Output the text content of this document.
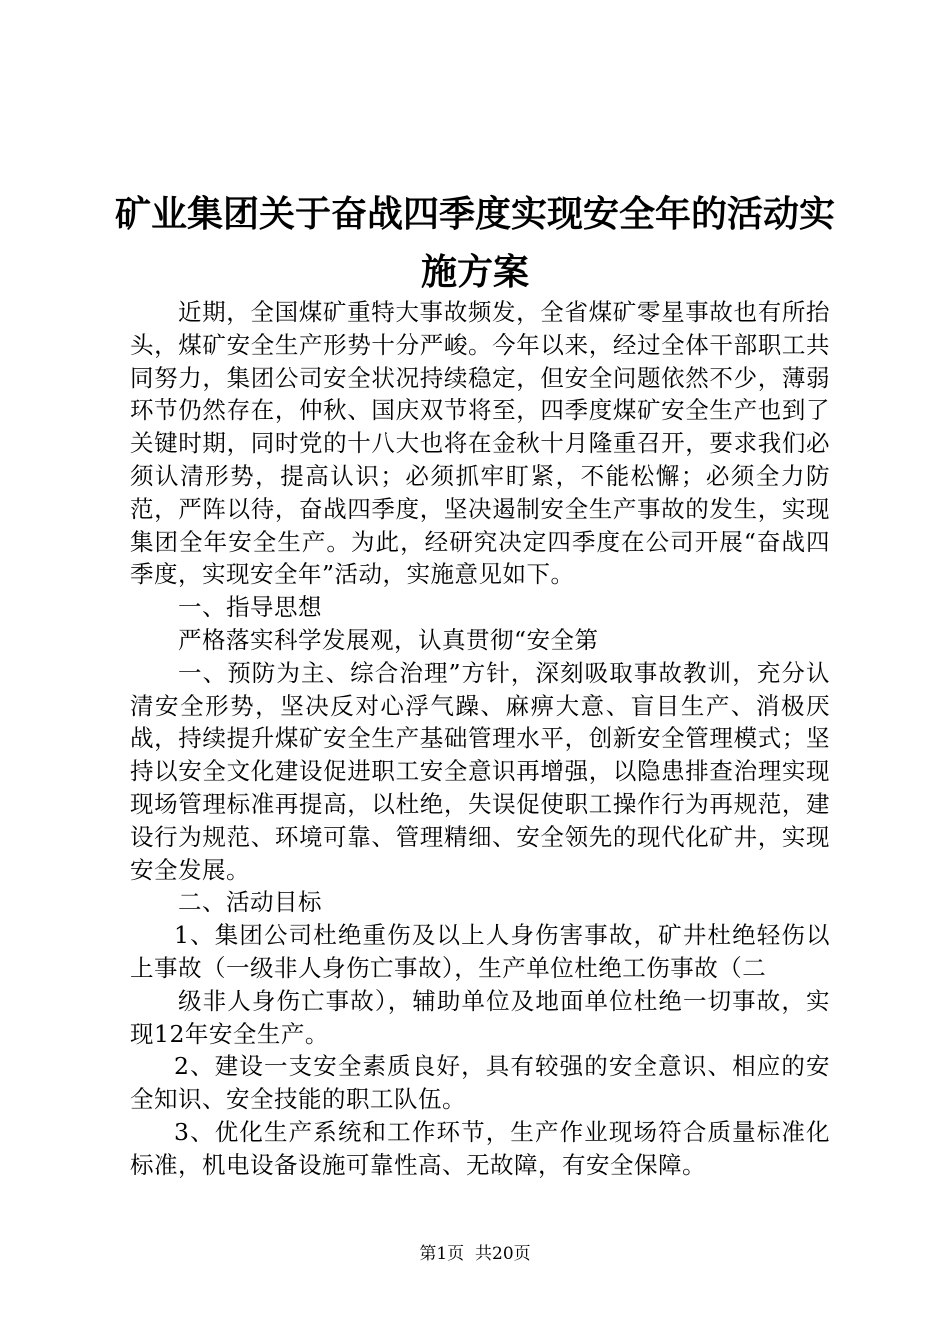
矿业集团关于奋战四季度实现安全年的活动实
施方案

近期，全国煤矿重特大事故频发，全省煤矿零星事故也有所抬头，煤矿安全生产形势十分严峻。今年以来，经过全体干部职工共同努力，集团公司安全状况持续稳定，但安全问题依然不少，薄弱环节仍然存在，仲秋、国庆双节将至，四季度煤矿安全生产也到了关键时期，同时党的十八大也将在金秋十月隆重召开，要求我们必须认清形势，提高认识；必须抓牢盯紧，不能松懈；必须全力防范，严阵以待，奋战四季度，坚决遏制安全生产事故的发生，实现集团全年安全生产。为此，经研究决定四季度在公司开展“奋战四季度，实现安全年”活动，实施意见如下。

一、指导思想

严格落实科学发展观，认真贯彻“安全第

一、预防为主、综合治理”方针，深刻吸取事故教训，充分认清安全形势，坚决反对心浮气躁、麻痹大意、盲目生产、消极厌战，持续提升煤矿安全生产基础管理水平，创新安全管理模式；坚持以安全文化建设促进职工安全意识再增强，以隐患排查治理实现现场管理标准再提高，以杜绝，失误促使职工操作行为再规范，建设行为规范、环境可靠、管理精细、安全领先的现代化矿井，实现安全发展。

二、活动目标

1、集团公司杜绝重伤及以上人身伤害事故，矿井杜绝轻伤以上事故（一级非人身伤亡事故），生产单位杜绝工伤事故（二

级非人身伤亡事故），辅助单位及地面单位杜绝一切事故，实现12年安全生产。

2、建设一支安全素质良好，具有较强的安全意识、相应的安全知识、安全技能的职工队伍。

3、优化生产系统和工作环节，生产作业现场符合质量标准化标准，机电设备设施可靠性高、无故障，有安全保障。

第1页 共20页
